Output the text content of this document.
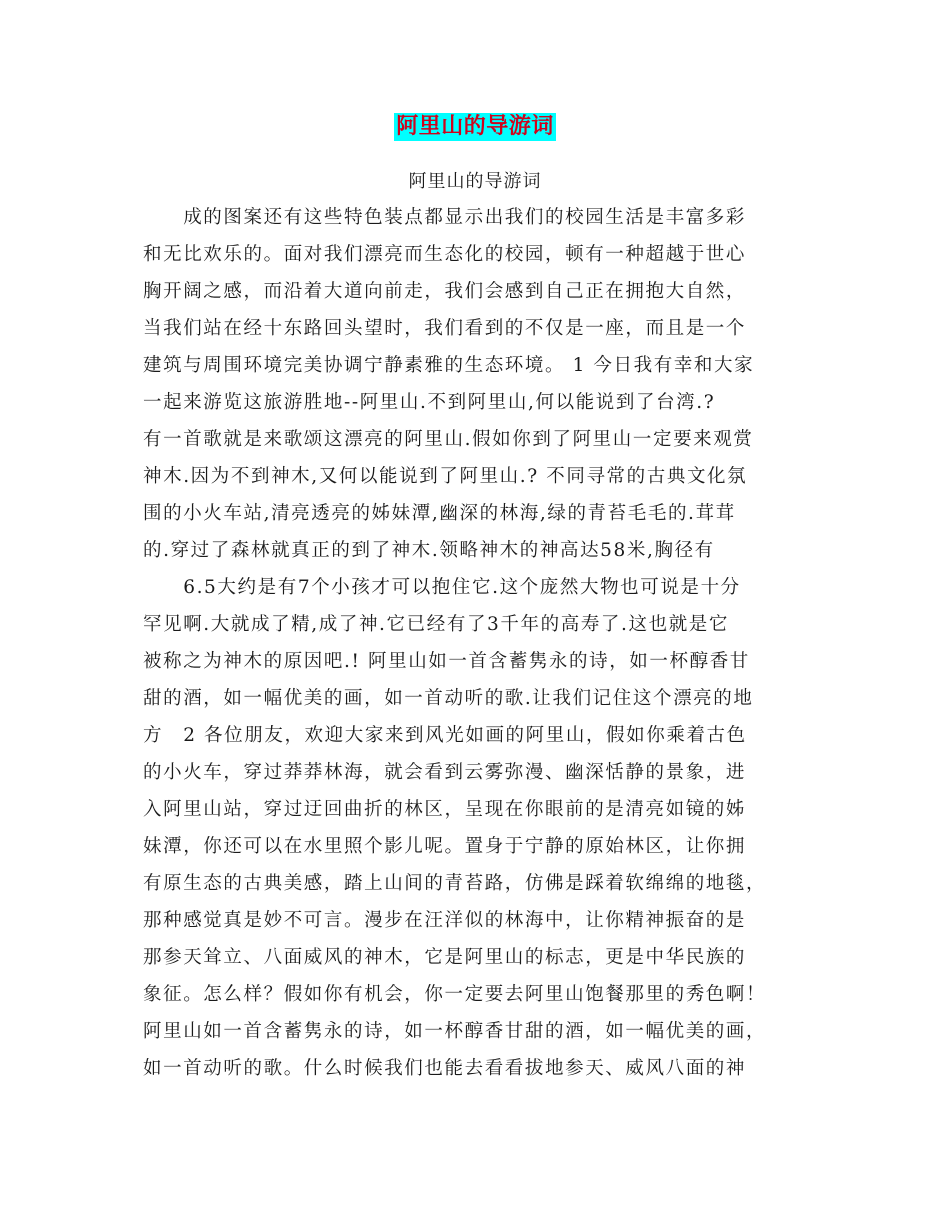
阿里山的导游词
阿里山的导游词
　　成的图案还有这些特色装点都显示出我们的校园生活是丰富多彩
和无比欢乐的。面对我们漂亮而生态化的校园，顿有一种超越于世心
胸开阔之感，而沿着大道向前走，我们会感到自己正在拥抱大自然，
当我们站在经十东路回头望时，我们看到的不仅是一座，而且是一个
建筑与周围环境完美协调宁静素雅的生态环境。 1 今日我有幸和大家
一起来游览这旅游胜地--阿里山.不到阿里山,何以能说到了台湾.?
有一首歌就是来歌颂这漂亮的阿里山.假如你到了阿里山一定要来观赏
神木.因为不到神木,又何以能说到了阿里山.? 不同寻常的古典文化氛
围的小火车站,清亮透亮的姊妹潭,幽深的林海,绿的青苔毛毛的.茸茸
的.穿过了森林就真正的到了神木.领略神木的神高达58米,胸径有
　　6.5大约是有7个小孩才可以抱住它.这个庞然大物也可说是十分
罕见啊.大就成了精,成了神.它已经有了3千年的高寿了.这也就是它
被称之为神木的原因吧.! 阿里山如一首含蓄隽永的诗，如一杯醇香甘
甜的酒，如一幅优美的画，如一首动听的歌.让我们记住这个漂亮的地
方　2 各位朋友，欢迎大家来到风光如画的阿里山，假如你乘着古色
的小火车，穿过莽莽林海，就会看到云雾弥漫、幽深恬静的景象，进
入阿里山站，穿过迂回曲折的林区，呈现在你眼前的是清亮如镜的姊
妹潭，你还可以在水里照个影儿呢。置身于宁静的原始林区，让你拥
有原生态的古典美感，踏上山间的青苔路，仿佛是踩着软绵绵的地毯，
那种感觉真是妙不可言。漫步在汪洋似的林海中，让你精神振奋的是
那参天耸立、八面威风的神木，它是阿里山的标志，更是中华民族的
象征。怎么样？假如你有机会，你一定要去阿里山饱餐那里的秀色啊！
阿里山如一首含蓄隽永的诗，如一杯醇香甘甜的酒，如一幅优美的画，
如一首动听的歌。什么时候我们也能去看看拔地参天、威风八面的神
